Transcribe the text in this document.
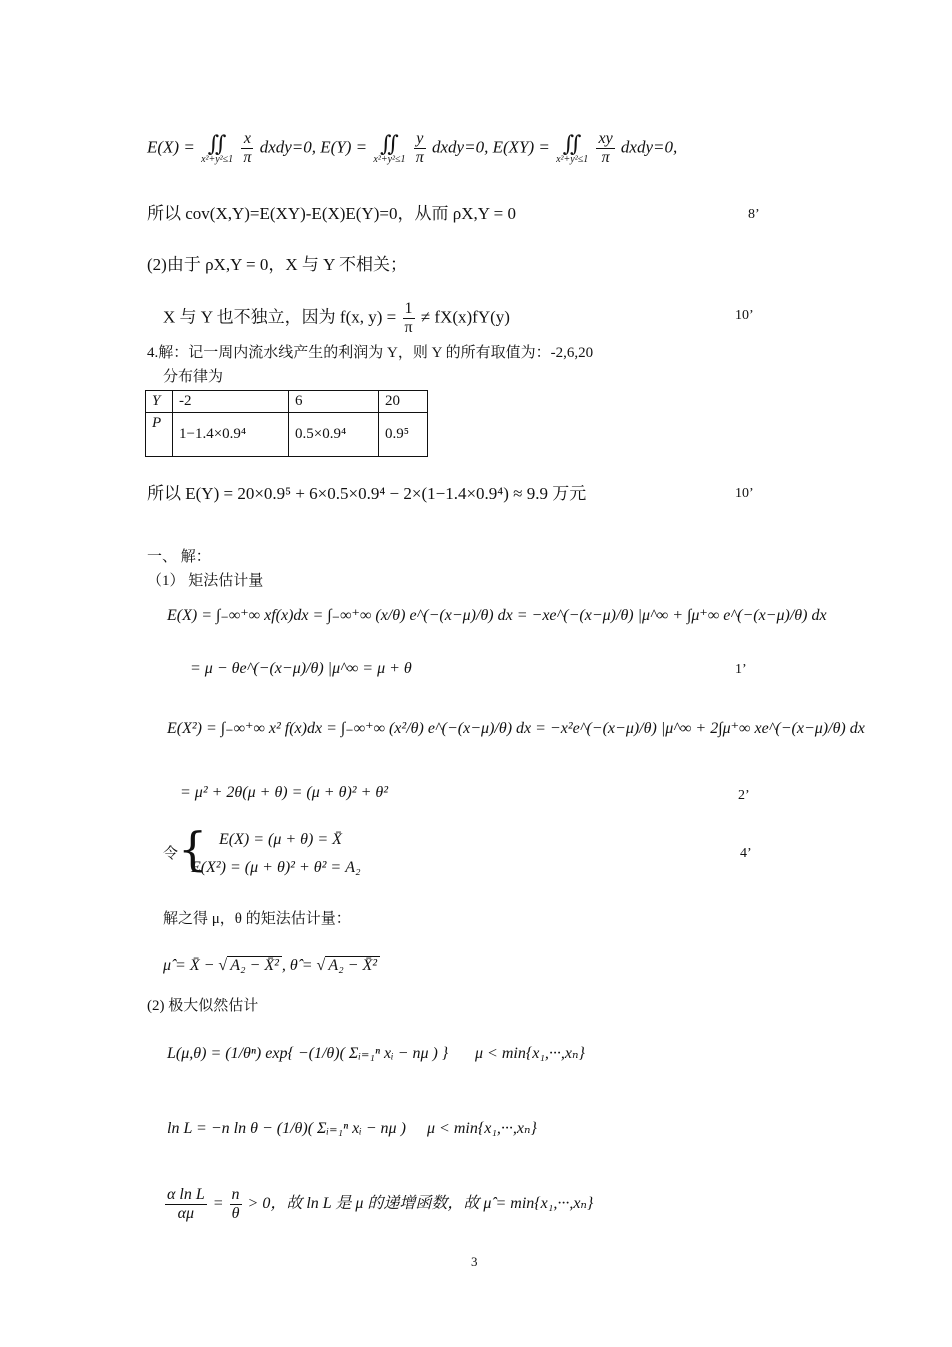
E(X) = ∬
x²+y²≤1
$\frac{x}{\pi}$ dxdy=0, E(Y) = ∬
x²+y²≤1
$\frac{y}{\pi}$ dxdy=0, E(XY) = ∬
x²+y²≤1
$\frac{xy}{\pi}$ dxdy=0,
所以 cov(X,Y)=E(XY)-E(X)E(Y)=0，从而 ρX,Y = 0	8’
(2)由于 ρX,Y = 0，X 与 Y 不相关；
X 与 Y 也不独立，因为 f(x, $y) = \frac{1}{\pi} \ne fX(x)fY(y)$	10’
4.解：记一周内流水线产生的利润为 Y，则 Y 的所有取值为：-2,6,20
分布律为
Y	-2	6	20
P	1−1.4×0.9⁴	0.5×0.9⁴	0.9⁵
所以 E(Y) = 20×0.9⁵ + 6×0.5×0.9⁴ − 2×(1−1.4×0.9⁴) ≈ 9.9 万元	10’
一、 解：
（1） 矩法估计量
E(X) = ∫₋∞⁺∞ xf(x)dx = ∫₋∞⁺∞ (x/θ) e^(−(x−μ)/θ) dx = −xe^(−(x−μ)/θ) |μ^∞ + ∫μ⁺∞ e^(−(x−μ)/θ) dx
= μ − θe^(−(x−μ)/θ) |μ^∞ = μ + θ	1’
E(X²) = ∫₋∞⁺∞ x² f(x)dx = ∫₋∞⁺∞ (x²/θ) e^(−(x−μ)/θ) dx = −x²e^(−(x−μ)/θ) |μ^∞ + 2∫μ⁺∞ xe^(−(x−μ)/θ) dx
= μ² + 2θ(μ + θ) = (μ + θ)² + θ²	2’
令 { E(X) = (μ + θ) = X̄
E(X²) = (μ + θ)² + θ² = A₂
4’
解之得 μ，θ 的矩法估计量：
μ̂ = X̄ − √ A₂ − X̄² , θ̂ = √ A₂ − X̄²
(2) 极大似然估计
L(μ,θ) = (1/θⁿ) exp{ −(1/θ)( Σᵢ₌₁ⁿ xᵢ − nμ ) } μ < min{x₁,···,xₙ}
ln L = −n ln θ − (1/θ)( Σᵢ₌₁ⁿ xᵢ − nμ ) μ < min{x₁,···,xₙ}
$\frac{\text{α ln L}}{\alpha\mu} = \frac{n}{\theta} > 0$，故 ln L 是 μ 的递增函数，故 μ̂ = min{x₁,···,xₙ}
3
